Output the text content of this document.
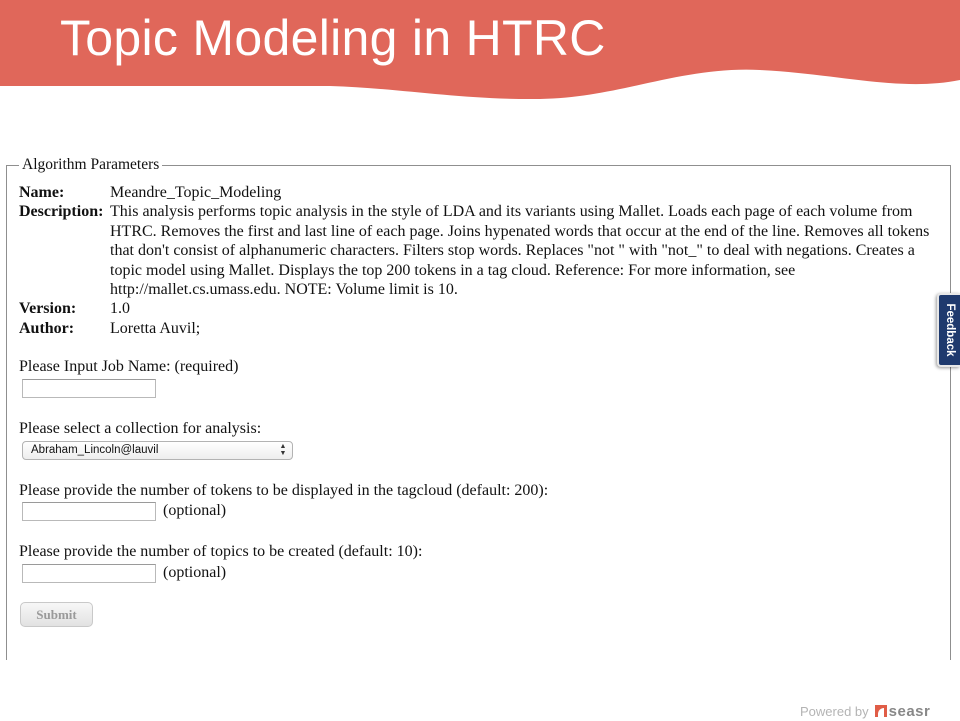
Topic Modeling in HTRC
Algorithm Parameters
Name:	Meandre_Topic_Modeling
Description: This analysis performs topic analysis in the style of LDA and its variants using Mallet. Loads each page of each volume from HTRC. Removes the first and last line of each page. Joins hypenated words that occur at the end of the line. Removes all tokens that don't consist of alphanumeric characters. Filters stop words. Replaces "not " with "not_" to deal with negations. Creates a topic model using Mallet. Displays the top 200 tokens in a tag cloud. Reference: For more information, see http://mallet.cs.umass.edu. NOTE: Volume limit is 10.
Version:	1.0
Author:	Loretta Auvil;
Please Input Job Name: (required)
Please select a collection for analysis:
Abraham_Lincoln@lauvil	▲
▼
Please provide the number of tokens to be displayed in the tagcloud (default: 200):
(optional)
Please provide the number of topics to be created (default: 10):
(optional)
Submit
Feedback
Powered by seasr
